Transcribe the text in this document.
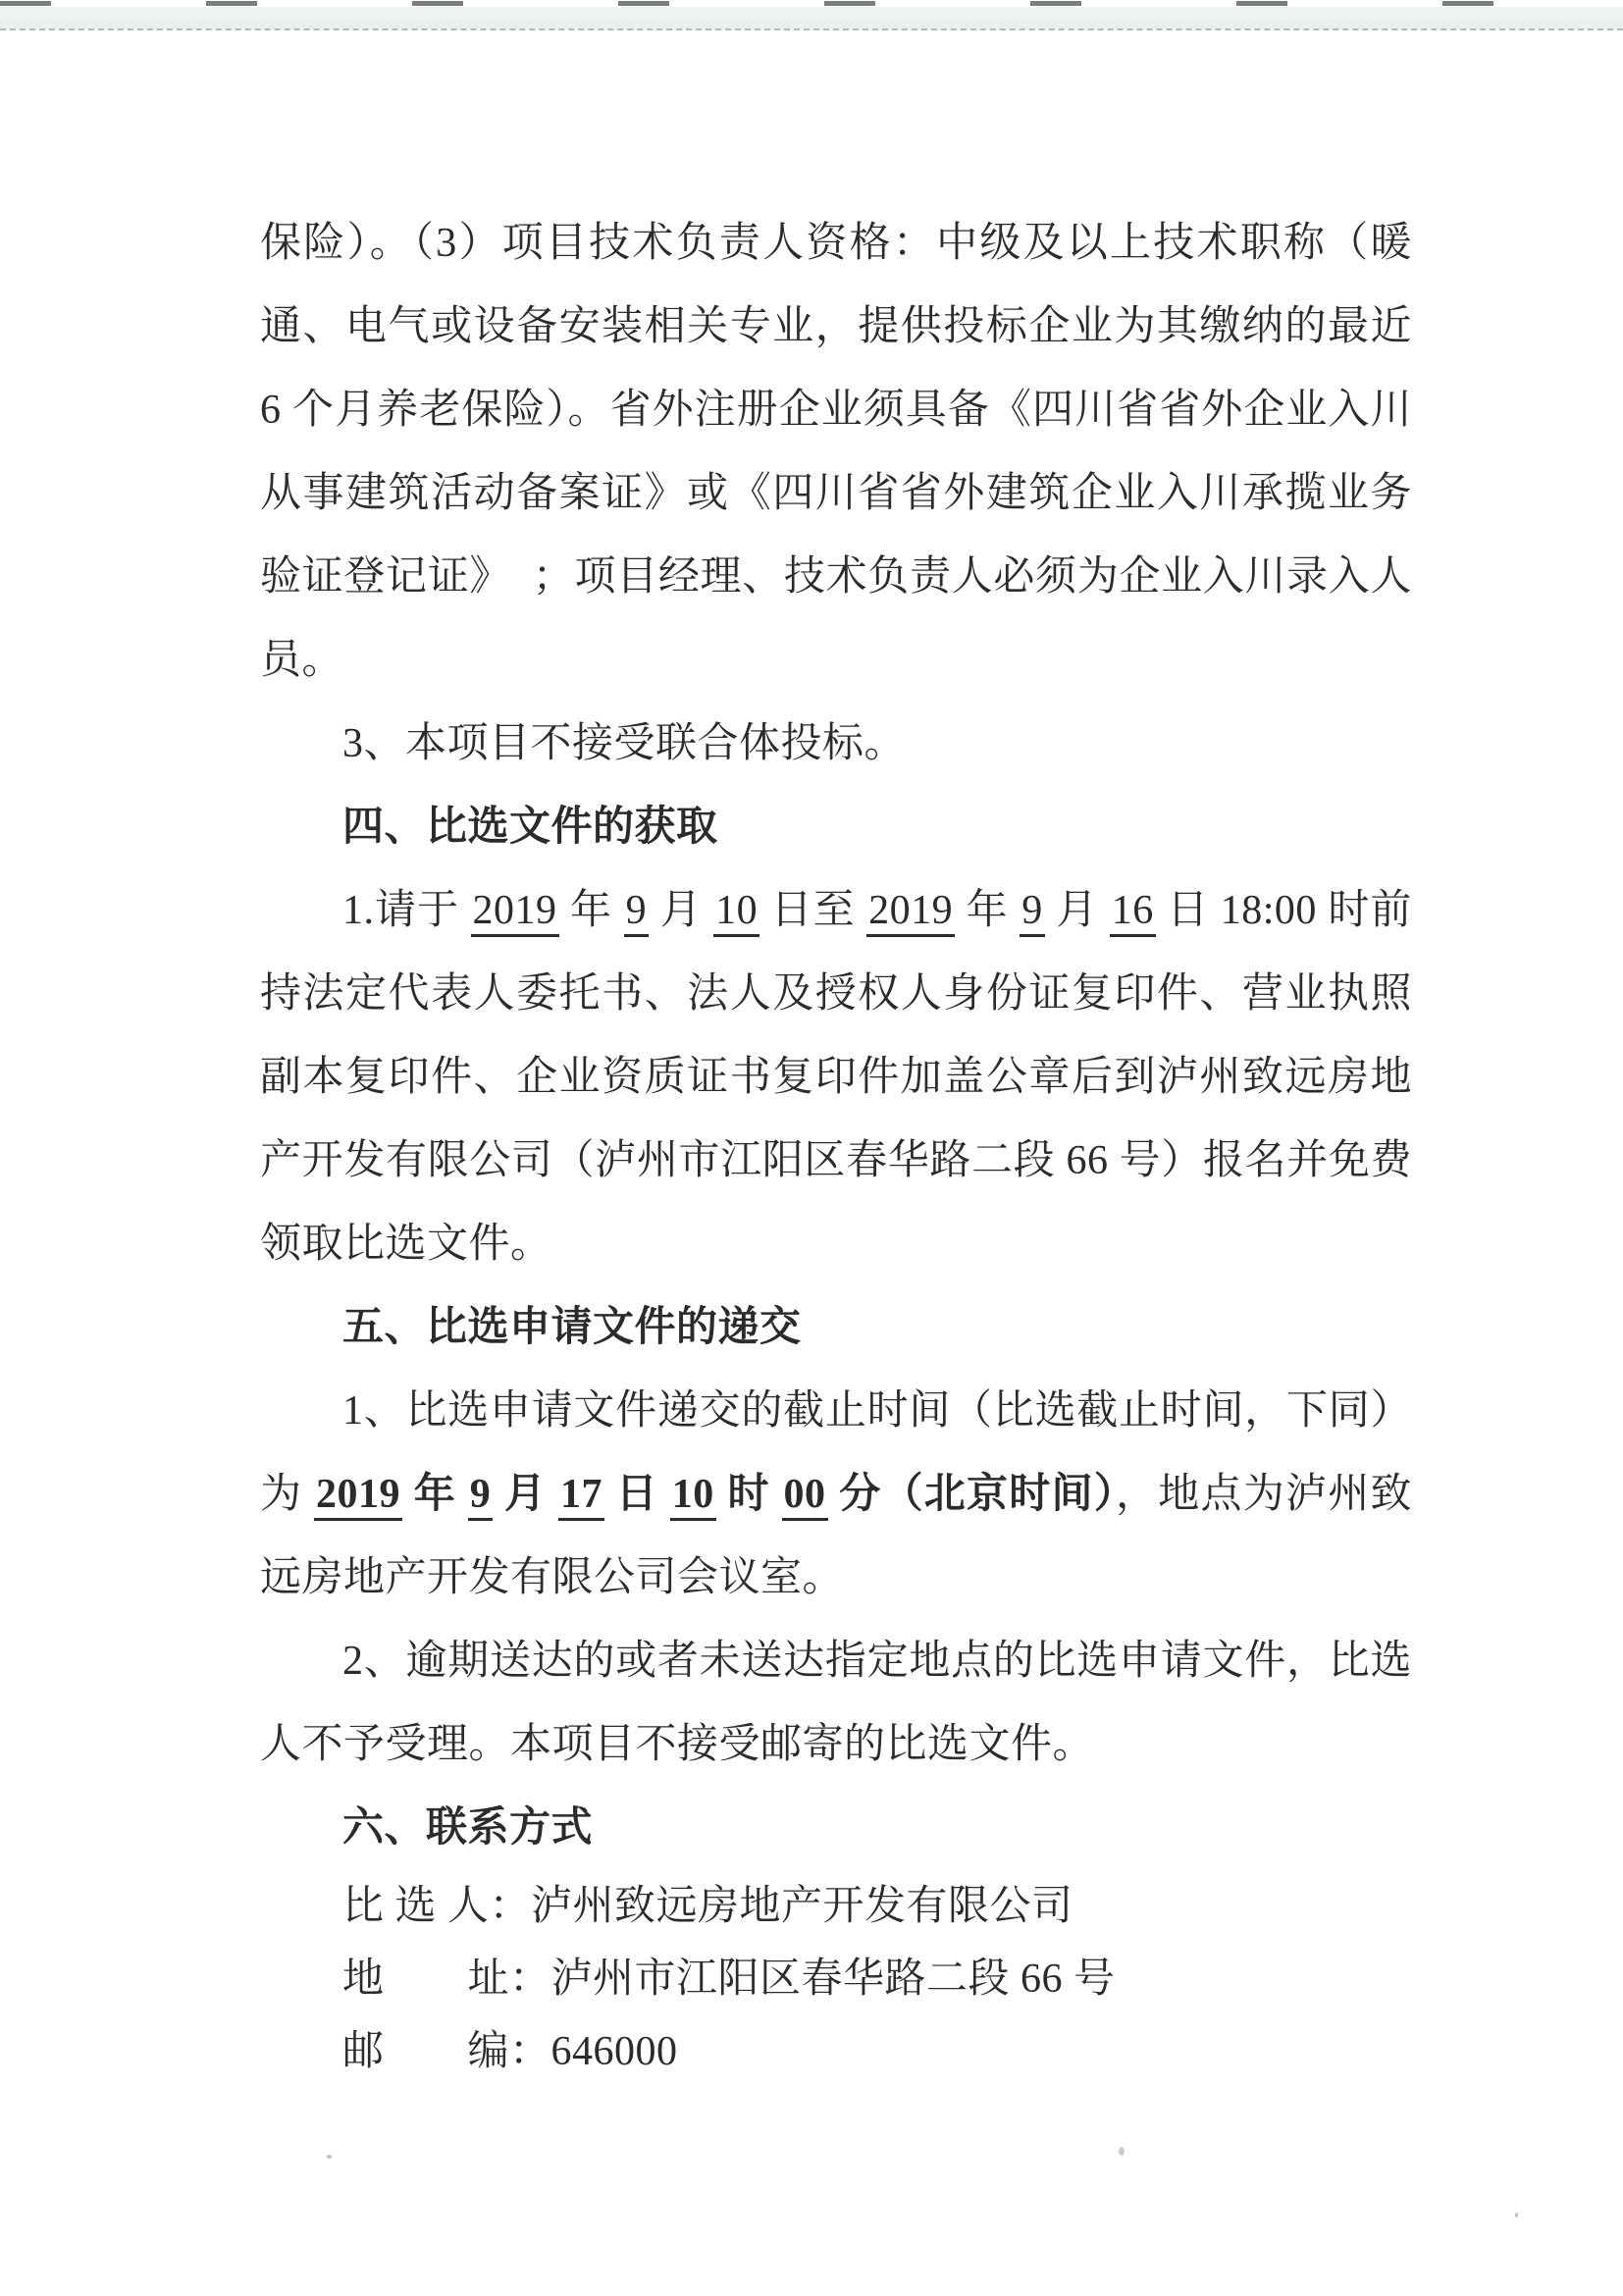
保险）。（3）项目技术负责人资格：中级及以上技术职称（暖通、电气或设备安装相关专业，提供投标企业为其缴纳的最近 6 个月养老保险）。省外注册企业须具备《四川省省外企业入川从事建筑活动备案证》或《四川省省外建筑企业入川承揽业务验证登记证》　；项目经理、技术负责人必须为企业入川录入人员。

3、本项目不接受联合体投标。

四、比选文件的获取

1.请于 2019 年 9 月 10 日至 2019 年 9 月 16 日 18:00 时前持法定代表人委托书、法人及授权人身份证复印件、营业执照副本复印件、企业资质证书复印件加盖公章后到泸州致远房地产开发有限公司（泸州市江阳区春华路二段 66 号）报名并免费领取比选文件。

五、比选申请文件的递交

1、比选申请文件递交的截止时间（比选截止时间，下同）为 2019 年 9 月 17 日 10 时 00 分（北京时间），地点为泸州致远房地产开发有限公司会议室。

2、逾期送达的或者未送达指定地点的比选申请文件，比选人不予受理。本项目不接受邮寄的比选文件。

六、联系方式

比 选 人：泸州致远房地产开发有限公司

地　　址：泸州市江阳区春华路二段 66 号

邮　　编：646000
